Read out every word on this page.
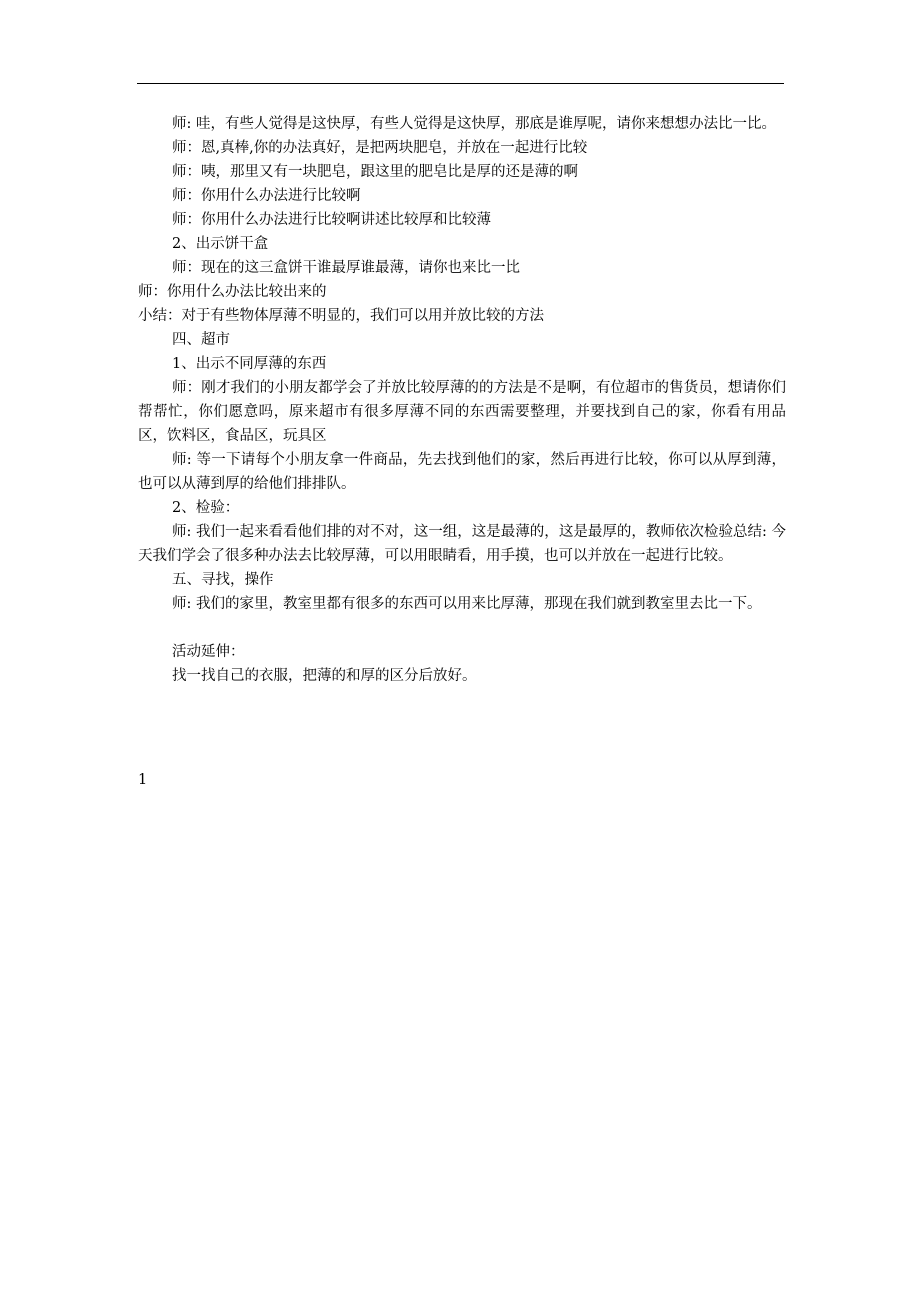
师: 哇，有些人觉得是这快厚，有些人觉得是这快厚，那底是谁厚呢，请你来想想办法比一比。

师：恩,真棒,你的办法真好，是把两块肥皂，并放在一起进行比较

师：咦，那里又有一块肥皂，跟这里的肥皂比是厚的还是薄的啊

师：你用什么办法进行比较啊

师：你用什么办法进行比较啊讲述比较厚和比较薄

2、出示饼干盒

师：现在的这三盒饼干谁最厚谁最薄，请你也来比一比

师：你用什么办法比较出来的

小结：对于有些物体厚薄不明显的，我们可以用并放比较的方法

四、超市

1、出示不同厚薄的东西

师：刚才我们的小朋友都学会了并放比较厚薄的的方法是不是啊，有位超市的售货员，想请你们帮帮忙，你们愿意吗，原来超市有很多厚薄不同的东西需要整理，并要找到自己的家，你看有用品区，饮料区，食品区，玩具区

师: 等一下请每个小朋友拿一件商品，先去找到他们的家，然后再进行比较，你可以从厚到薄，也可以从薄到厚的给他们排排队。

2、检验：

师: 我们一起来看看他们排的对不对，这一组，这是最薄的，这是最厚的，教师依次检验总结: 今天我们学会了很多种办法去比较厚薄，可以用眼睛看，用手摸，也可以并放在一起进行比较。

五、寻找，操作

师: 我们的家里，教室里都有很多的东西可以用来比厚薄，那现在我们就到教室里去比一下。

活动延伸：

找一找自己的衣服，把薄的和厚的区分后放好。

1
